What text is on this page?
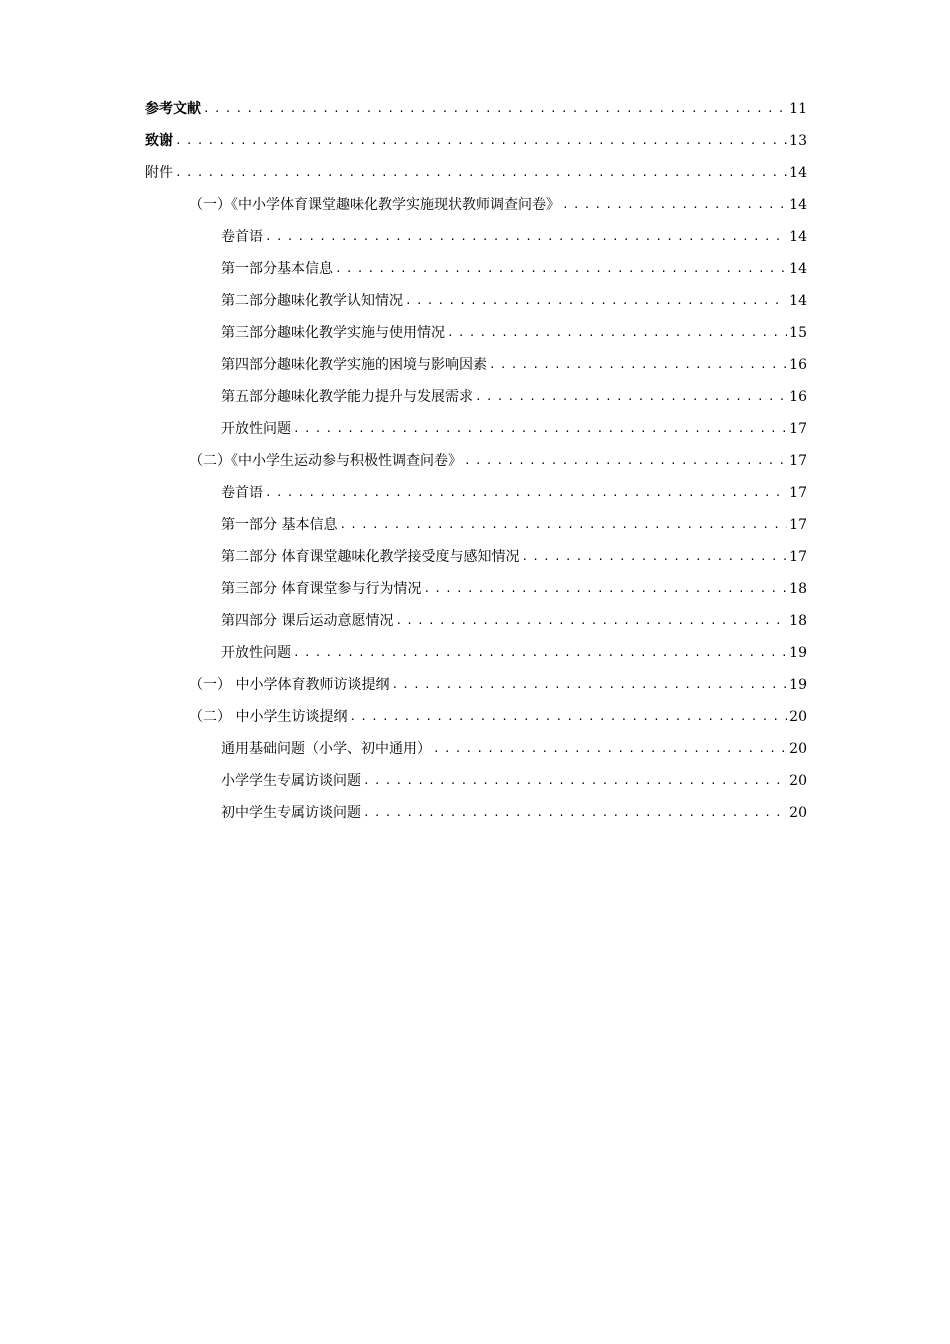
参考文献 . . .	11
致谢 . . .	13
附件 . . .	14
（一）《中小学体育课堂趣味化教学实施现状教师调查问卷》 . . .	14
卷首语 . . .	14
第一部分基本信息 . . .	14
第二部分趣味化教学认知情况 . . .	14
第三部分趣味化教学实施与使用情况 . . .	15
第四部分趣味化教学实施的困境与影响因素 . . .	16
第五部分趣味化教学能力提升与发展需求 . . .	16
开放性问题 . . .	17
（二）《中小学生运动参与积极性调查问卷》 . . .	17
卷首语 . . .	17
第一部分 基本信息 . . .	17
第二部分 体育课堂趣味化教学接受度与感知情况 . . .	17
第三部分 体育课堂参与行为情况 . . .	18
第四部分 课后运动意愿情况 . . .	18
开放性问题 . . .	19
（一） 中小学体育教师访谈提纲 . . .	19
（二） 中小学生访谈提纲 . . .	20
通用基础问题（小学、初中通用） . . .	20
小学学生专属访谈问题 . . .	20
初中学生专属访谈问题 . . .	20
